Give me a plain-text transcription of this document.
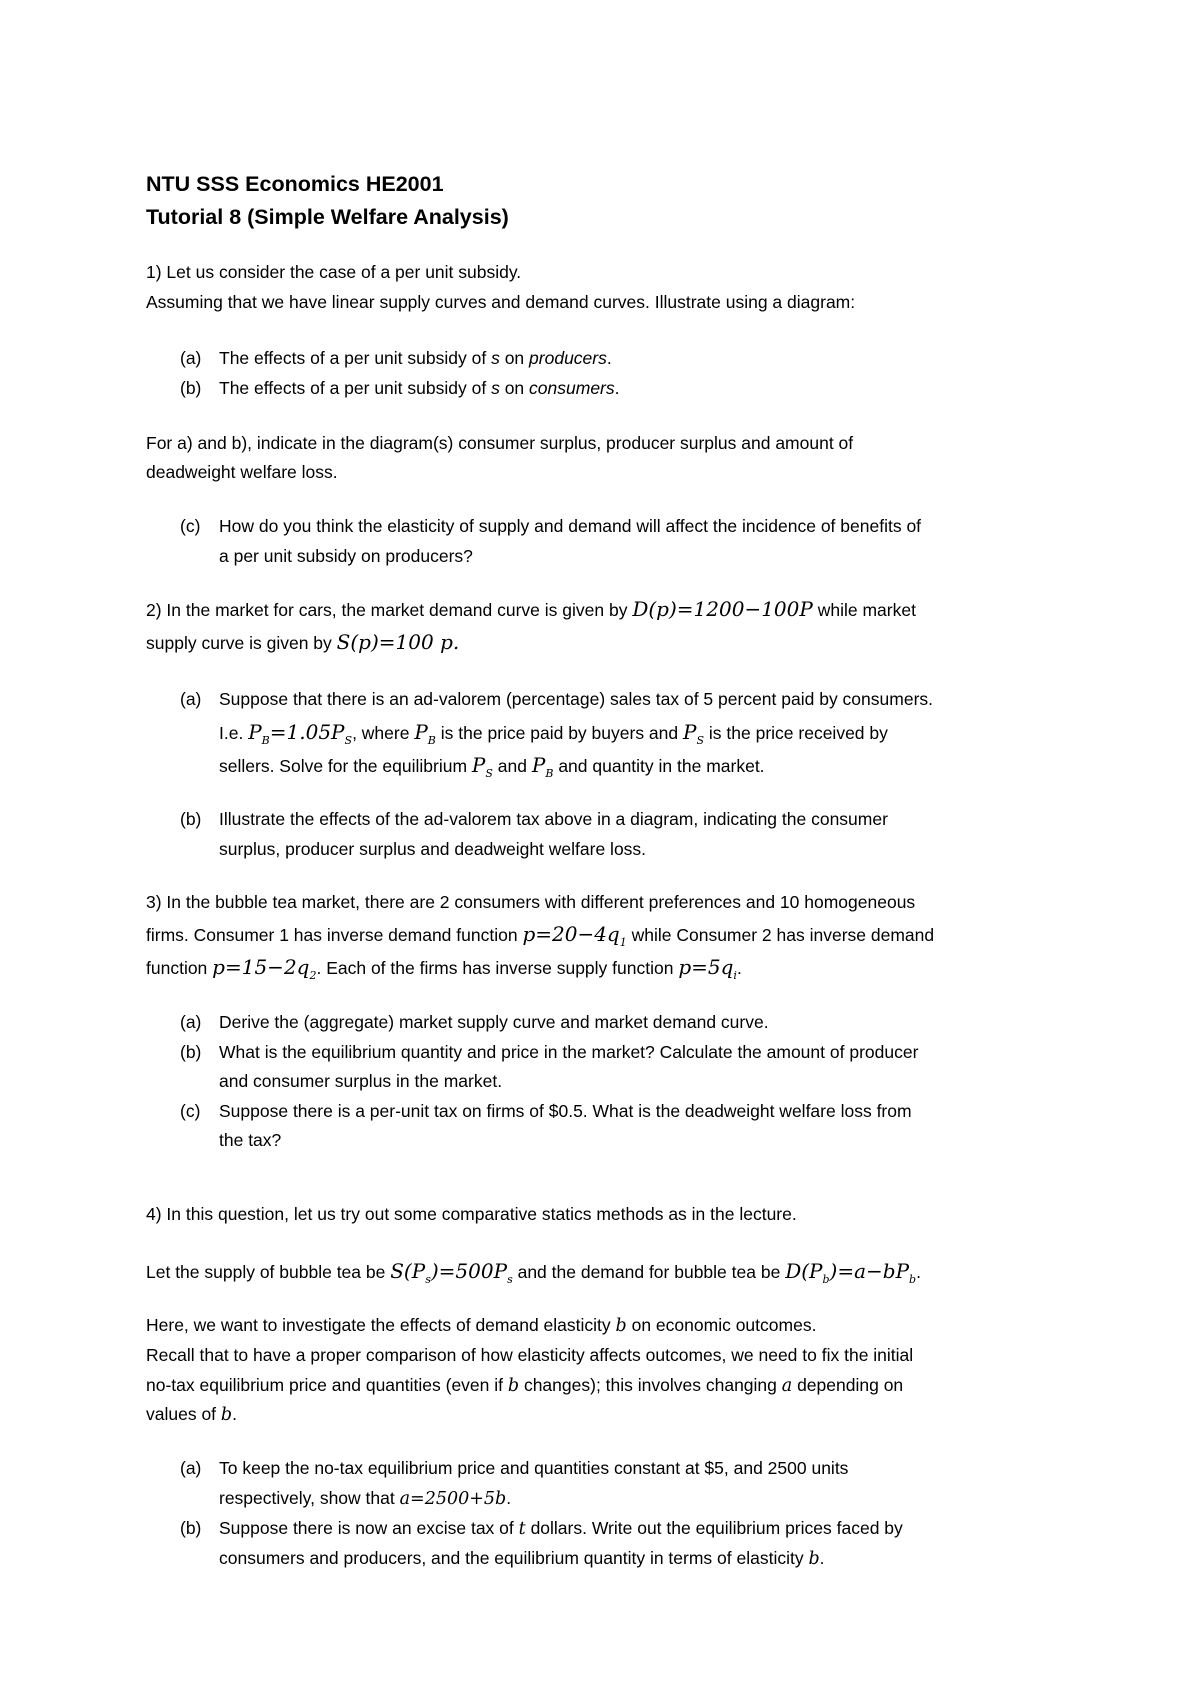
NTU SSS Economics HE2001
Tutorial 8 (Simple Welfare Analysis)
1) Let us consider the case of a per unit subsidy.
Assuming that we have linear supply curves and demand curves. Illustrate using a diagram:
(a) The effects of a per unit subsidy of s on producers.
(b) The effects of a per unit subsidy of s on consumers.
For a) and b), indicate in the diagram(s) consumer surplus, producer surplus and amount of
deadweight welfare loss.
(c) How do you think the elasticity of supply and demand will affect the incidence of benefits of
a per unit subsidy on producers?
2) In the market for cars, the market demand curve is given by D(p)=1200−100P while market
supply curve is given by S(p)=100 p.
(a) Suppose that there is an ad-valorem (percentage) sales tax of 5 percent paid by consumers.
I.e. $P_B=1.05P_S$, where $P_B$ is the price paid by buyers and $P_S$ is the price received by
sellers. Solve for the equilibrium $P_S$ and $P_B$ and quantity in the market.
(b) Illustrate the effects of the ad-valorem tax above in a diagram, indicating the consumer
surplus, producer surplus and deadweight welfare loss.
3) In the bubble tea market, there are 2 consumers with different preferences and 10 homogeneous
firms. Consumer 1 has inverse demand function $p=20-4q_1$ while Consumer 2 has inverse demand
function $p=15-2q_2$. Each of the firms has inverse supply function $p=5q_i$.
(a) Derive the (aggregate) market supply curve and market demand curve.
(b) What is the equilibrium quantity and price in the market? Calculate the amount of producer
and consumer surplus in the market.
(c) Suppose there is a per-unit tax on firms of $0.5. What is the deadweight welfare loss from
the tax?
4) In this question, let us try out some comparative statics methods as in the lecture.
Let the supply of bubble tea be $S(P_s)=500P_s$ and the demand for bubble tea be $D(P_b)=a-bP_b$.
Here, we want to investigate the effects of demand elasticity b on economic outcomes.
Recall that to have a proper comparison of how elasticity affects outcomes, we need to fix the initial
no-tax equilibrium price and quantities (even if b changes); this involves changing a depending on
values of b.
(a) To keep the no-tax equilibrium price and quantities constant at $5, and 2500 units
respectively, show that a=2500+5b.
(b) Suppose there is now an excise tax of t dollars. Write out the equilibrium prices faced by
consumers and producers, and the equilibrium quantity in terms of elasticity b.
